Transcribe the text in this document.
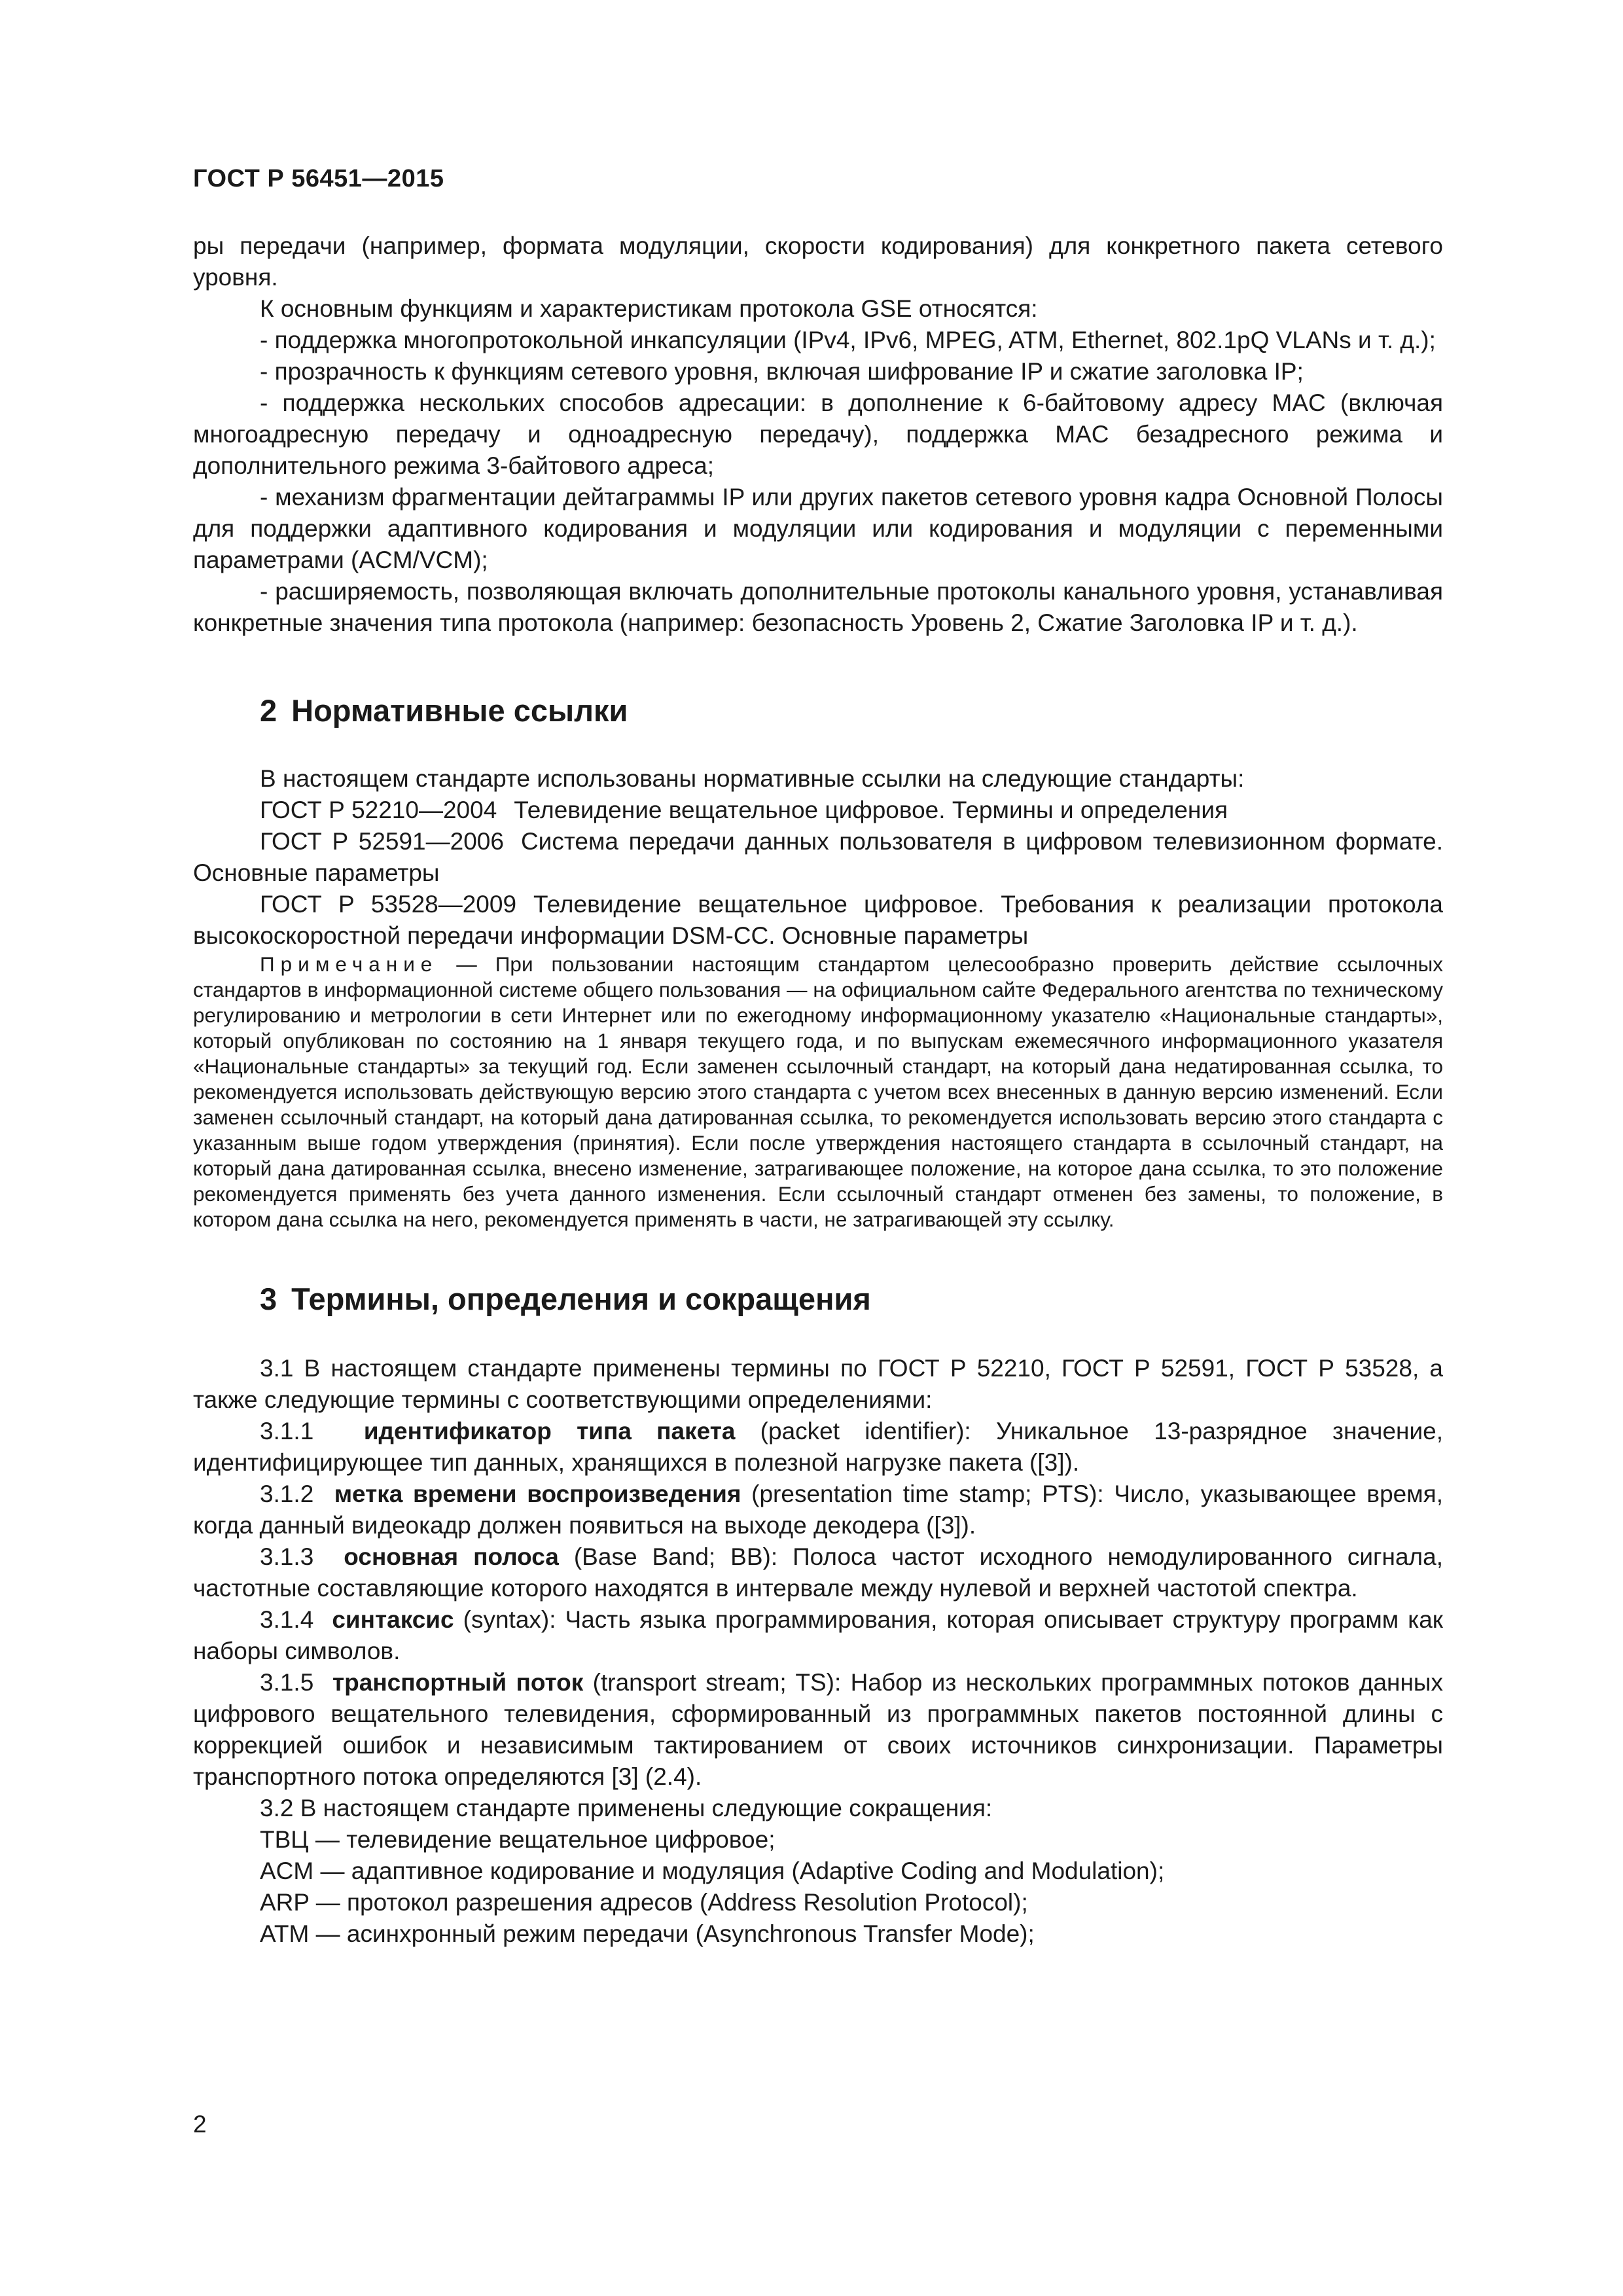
ГОСТ Р 56451—2015

ры передачи (например, формата модуляции, скорости кодирования) для конкретного пакета сетевого уровня.

К основным функциям и характеристикам протокола GSE относятся:

- поддержка многопротокольной инкапсуляции (IPv4, IPv6, MPEG, ATM, Ethernet, 802.1pQ VLANs и т. д.);

- прозрачность к функциям сетевого уровня, включая шифрование IP и сжатие заголовка IP;

- поддержка нескольких способов адресации: в дополнение к 6-байтовому адресу MAC (включая многоадресную передачу и одноадресную передачу), поддержка MAC безадресного режима и дополнительного режима 3-байтового адреса;

- механизм фрагментации дейтаграммы IP или других пакетов сетевого уровня кадра Основной Полосы для поддержки адаптивного кодирования и модуляции или кодирования и модуляции с переменными параметрами (ACM/VCM);

- расширяемость, позволяющая включать дополнительные протоколы канального уровня, устанавливая конкретные значения типа протокола (например: безопасность Уровень 2, Сжатие Заголовка IP и т. д.).

2 Нормативные ссылки

В настоящем стандарте использованы нормативные ссылки на следующие стандарты:

ГОСТ Р 52210—2004 Телевидение вещательное цифровое. Термины и определения

ГОСТ Р 52591—2006 Система передачи данных пользователя в цифровом телевизионном формате. Основные параметры

ГОСТ Р 53528—2009 Телевидение вещательное цифровое. Требования к реализации протокола высокоскоростной передачи информации DSM-CC. Основные параметры

Примечание — При пользовании настоящим стандартом целесообразно проверить действие ссылочных стандартов в информационной системе общего пользования — на официальном сайте Федерального агентства по техническому регулированию и метрологии в сети Интернет или по ежегодному информационному указателю «Национальные стандарты», который опубликован по состоянию на 1 января текущего года, и по выпускам ежемесячного информационного указателя «Национальные стандарты» за текущий год. Если заменен ссылочный стандарт, на который дана недатированная ссылка, то рекомендуется использовать действующую версию этого стандарта с учетом всех внесенных в данную версию изменений. Если заменен ссылочный стандарт, на который дана датированная ссылка, то рекомендуется использовать версию этого стандарта с указанным выше годом утверждения (принятия). Если после утверждения настоящего стандарта в ссылочный стандарт, на который дана датированная ссылка, внесено изменение, затрагивающее положение, на которое дана ссылка, то это положение рекомендуется применять без учета данного изменения. Если ссылочный стандарт отменен без замены, то положение, в котором дана ссылка на него, рекомендуется применять в части, не затрагивающей эту ссылку.

3 Термины, определения и сокращения

3.1 В настоящем стандарте применены термины по ГОСТ Р 52210, ГОСТ Р 52591, ГОСТ Р 53528, а также следующие термины с соответствующими определениями:

3.1.1 идентификатор типа пакета (packet identifier): Уникальное 13-разрядное значение, идентифицирующее тип данных, хранящихся в полезной нагрузке пакета ([3]).

3.1.2 метка времени воспроизведения (presentation time stamp; PTS): Число, указывающее время, когда данный видеокадр должен появиться на выходе декодера ([3]).

3.1.3 основная полоса (Base Band; BB): Полоса частот исходного немодулированного сигнала, частотные составляющие которого находятся в интервале между нулевой и верхней частотой спектра.

3.1.4 синтаксис (syntax): Часть языка программирования, которая описывает структуру программ как наборы символов.

3.1.5 транспортный поток (transport stream; TS): Набор из нескольких программных потоков данных цифрового вещательного телевидения, сформированный из программных пакетов постоянной длины с коррекцией ошибок и независимым тактированием от своих источников синхронизации. Параметры транспортного потока определяются [3] (2.4).

3.2 В настоящем стандарте применены следующие сокращения:

ТВЦ — телевидение вещательное цифровое;

ACM — адаптивное кодирование и модуляция (Adaptive Coding and Modulation);

ARP — протокол разрешения адресов (Address Resolution Protocol);

ATM — асинхронный режим передачи (Asynchronous Transfer Mode);

2
